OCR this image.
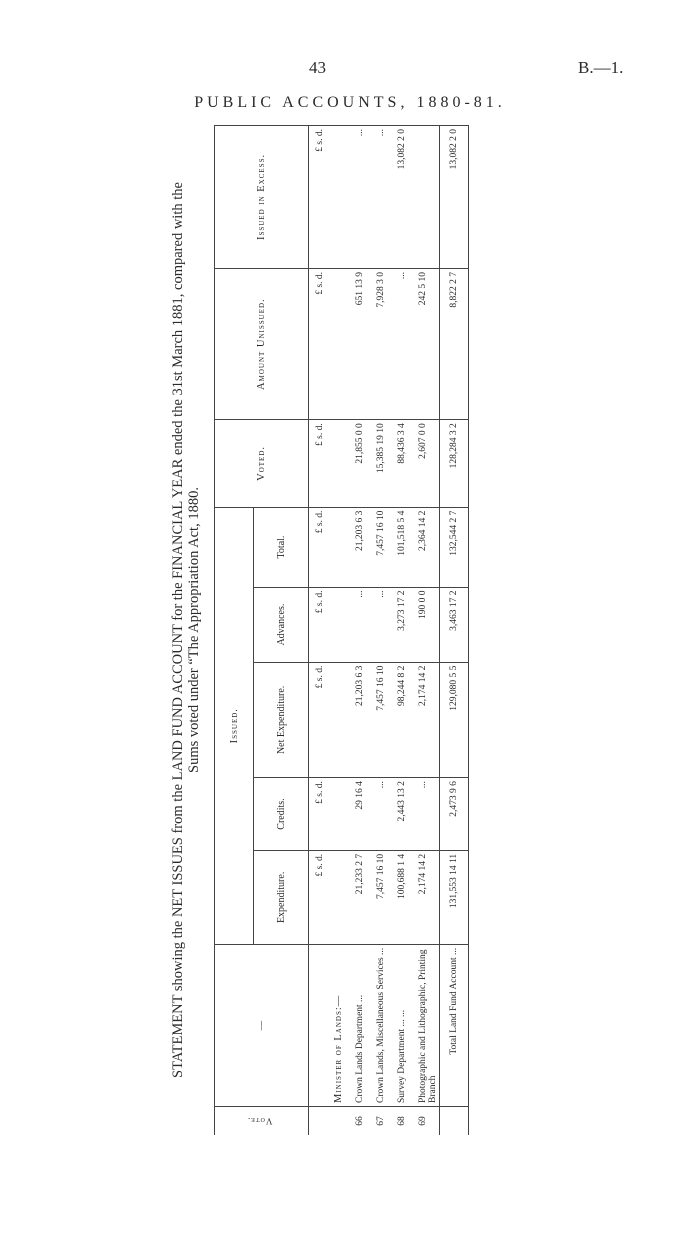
43	B.—1.
PUBLIC ACCOUNTS, 1880-81.
STATEMENT showing the NET ISSUES from the LAND FUND ACCOUNT for the FINANCIAL YEAR ended the 31st March 1881, compared with the Sums voted under “The Appropriation Act, 1880.
Vote.	—	Issued.					Voted.	Amount Unissued.	Issued in Excess.
		Expenditure.	Credits.	Net Expenditure.	Advances.	Total.			
		£ s. d.	£ s. d.	£ s. d.	£ s. d.	£ s. d.	£ s. d.	£ s. d.	£ s. d.
	Minister of Lands:—								
66	Crown Lands Department ...	21,233 2 7	29 16 4	21,203 6 3	...	21,203 6 3	21,855 0 0	651 13 9	...
67	Crown Lands, Miscellaneous Services ...	7,457 16 10	...	7,457 16 10	...	7,457 16 10	15,385 19 10	7,928 3 0	...
68	Survey Department ... ...	100,688 1 4	2,443 13 2	98,244 8 2	3,273 17 2	101,518 5 4	88,436 3 4	...	13,082 2 0
69	Photographic and Lithographic, Printing Branch	2,174 14 2	...	2,174 14 2	190 0 0	2,364 14 2	2,607 0 0	242 5 10	
	Total Land Fund Account ...	131,553 14 11	2,473 9 6	129,080 5 5	3,463 17 2	132,544 2 7	128,284 3 2	8,822 2 7	13,082 2 0
